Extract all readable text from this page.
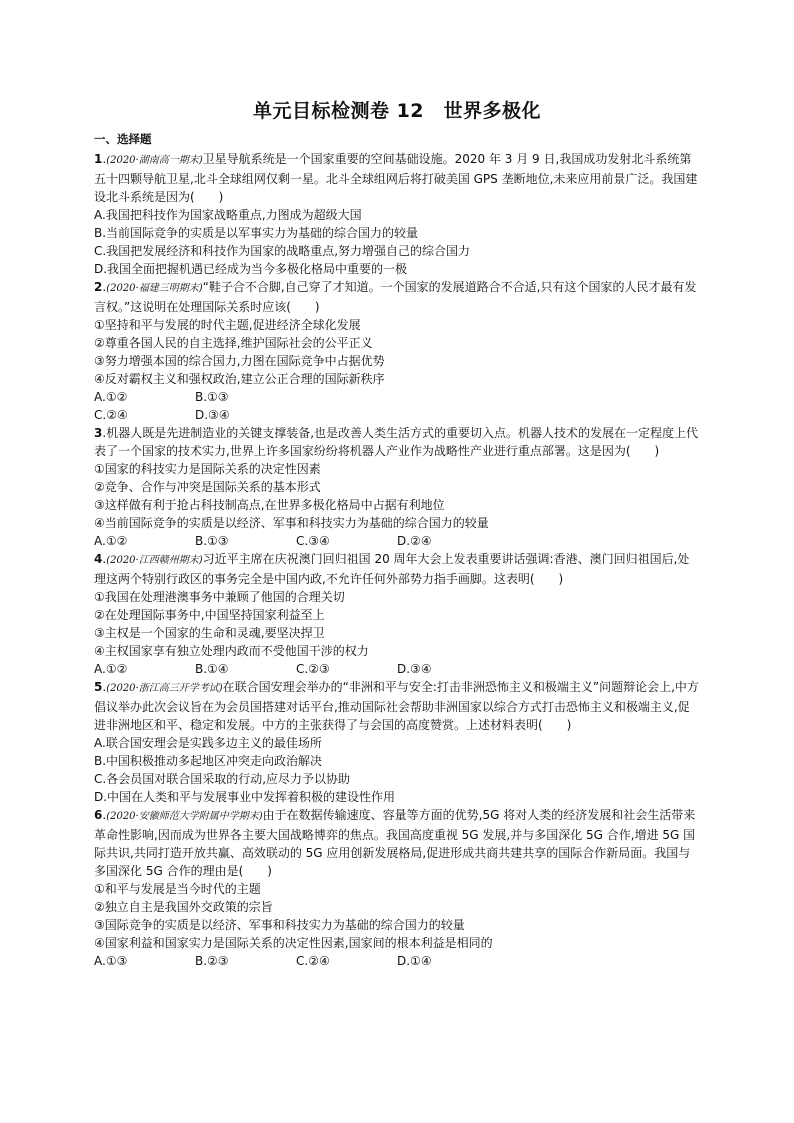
单元目标检测卷 12　世界多极化
一、选择题

1.(2020·湖南高一期末)卫星导航系统是一个国家重要的空间基础设施。2020 年 3 月 9 日,我国成功发射北斗系统第五十四颗导航卫星,北斗全球组网仅剩一星。北斗全球组网后将打破美国 GPS 垄断地位,未来应用前景广泛。我国建设北斗系统是因为(　　)

A.我国把科技作为国家战略重点,力图成为超级大国

B.当前国际竞争的实质是以军事实力为基础的综合国力的较量

C.我国把发展经济和科技作为国家的战略重点,努力增强自己的综合国力

D.我国全面把握机遇已经成为当今多极化格局中重要的一极

2.(2020·福建三明期末)“鞋子合不合脚,自己穿了才知道。一个国家的发展道路合不合适,只有这个国家的人民才最有发言权。”这说明在处理国际关系时应该(　　)

①坚持和平与发展的时代主题,促进经济全球化发展

②尊重各国人民的自主选择,维护国际社会的公平正义

③努力增强本国的综合国力,力图在国际竞争中占据优势

④反对霸权主义和强权政治,建立公正合理的国际新秩序

A.①②	B.①③
C.②④	D.③④

3.机器人既是先进制造业的关键支撑装备,也是改善人类生活方式的重要切入点。机器人技术的发展在一定程度上代表了一个国家的技术实力,世界上许多国家纷纷将机器人产业作为战略性产业进行重点部署。这是因为(　　)

①国家的科技实力是国际关系的决定性因素

②竞争、合作与冲突是国际关系的基本形式

③这样做有利于抢占科技制高点,在世界多极化格局中占据有利地位

④当前国际竞争的实质是以经济、军事和科技实力为基础的综合国力的较量

A.①②	B.①③	C.③④	D.②④

4.(2020·江西赣州期末)习近平主席在庆祝澳门回归祖国 20 周年大会上发表重要讲话强调:香港、澳门回归祖国后,处理这两个特别行政区的事务完全是中国内政,不允许任何外部势力指手画脚。这表明(　　)

①我国在处理港澳事务中兼顾了他国的合理关切

②在处理国际事务中,中国坚持国家利益至上

③主权是一个国家的生命和灵魂,要坚决捍卫

④主权国家享有独立处理内政而不受他国干涉的权力

A.①②	B.①④	C.②③	D.③④

5.(2020·浙江高三开学考试)在联合国安理会举办的“非洲和平与安全:打击非洲恐怖主义和极端主义”问题辩论会上,中方倡议举办此次会议旨在为会员国搭建对话平台,推动国际社会帮助非洲国家以综合方式打击恐怖主义和极端主义,促进非洲地区和平、稳定和发展。中方的主张获得了与会国的高度赞赏。上述材料表明(　　)

A.联合国安理会是实践多边主义的最佳场所

B.中国积极推动多起地区冲突走向政治解决

C.各会员国对联合国采取的行动,应尽力予以协助

D.中国在人类和平与发展事业中发挥着积极的建设性作用

6.(2020·安徽师范大学附属中学期末)由于在数据传输速度、容量等方面的优势,5G 将对人类的经济发展和社会生活带来革命性影响,因而成为世界各主要大国战略博弈的焦点。我国高度重视 5G 发展,并与多国深化 5G 合作,增进 5G 国际共识,共同打造开放共赢、高效联动的 5G 应用创新发展格局,促进形成共商共建共享的国际合作新局面。我国与多国深化 5G 合作的理由是(　　)

①和平与发展是当今时代的主题

②独立自主是我国外交政策的宗旨

③国际竞争的实质是以经济、军事和科技实力为基础的综合国力的较量

④国家利益和国家实力是国际关系的决定性因素,国家间的根本利益是相同的

A.①③	B.②③	C.②④	D.①④
